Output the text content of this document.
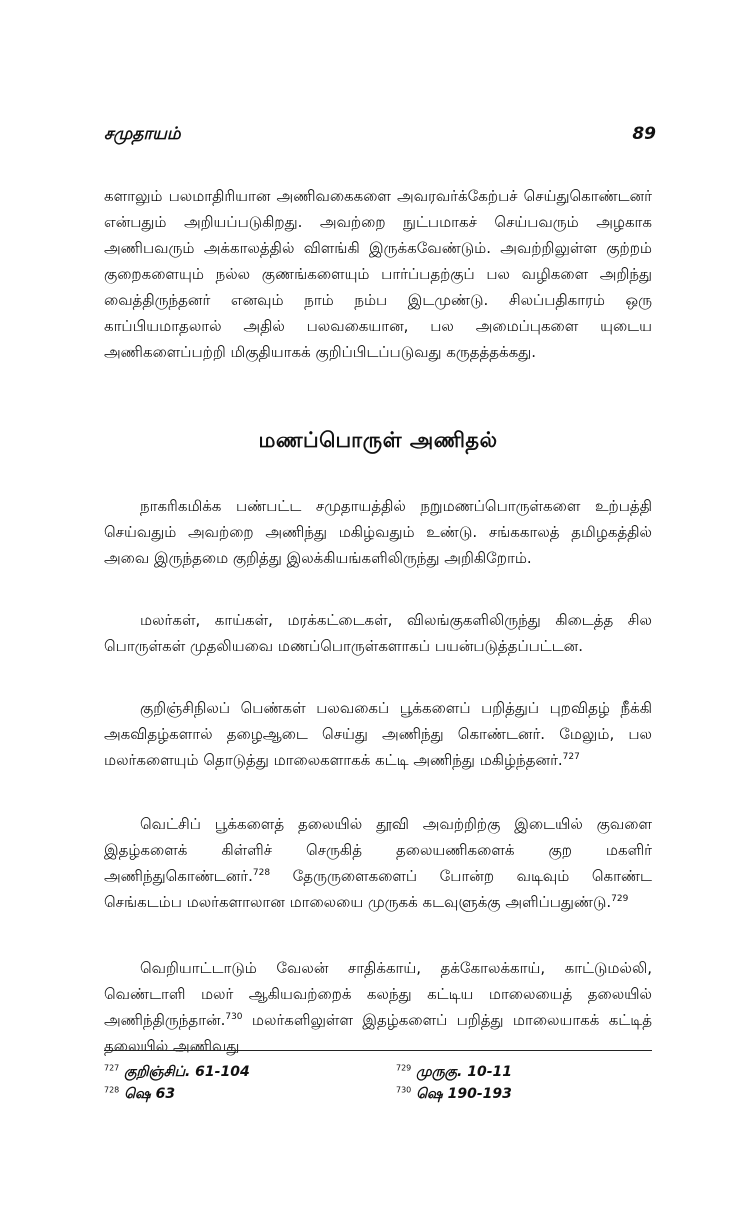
சமுதாயம்	89

களாலும் பலமாதிரியான அணிவகைகளை அவரவர்க்கேற்பச் செய்துகொண்டனர் என்பதும் அறியப்படுகிறது. அவற்றை நுட்பமாகச் செய்பவரும் அழகாக அணிபவரும் அக்காலத்தில் விளங்கி இருக்கவேண்டும். அவற்றிலுள்ள குற்றம் குறைகளையும் நல்ல குணங்களையும் பார்ப்பதற்குப் பல வழிகளை அறிந்து வைத்திருந்தனர் எனவும் நாம் நம்ப இடமுண்டு. சிலப்பதிகாரம் ஒரு காப்பியமாதலால் அதில் பலவகையான, பல அமைப்புகளை யுடைய அணிகளைப்பற்றி மிகுதியாகக் குறிப்பிடப்படுவது கருதத்தக்கது.

மணப்பொருள் அணிதல்

நாகரிகமிக்க பண்பட்ட சமுதாயத்தில் நறுமணப்பொருள்களை உற்பத்தி செய்வதும் அவற்றை அணிந்து மகிழ்வதும் உண்டு. சங்ககாலத் தமிழகத்தில் அவை இருந்தமை குறித்து இலக்கியங்களிலிருந்து அறிகிறோம்.

மலர்கள், காய்கள், மரக்கட்டைகள், விலங்குகளிலிருந்து கிடைத்த சில பொருள்கள் முதலியவை மணப்பொருள்களாகப் பயன்படுத்தப்பட்டன.

குறிஞ்சிநிலப் பெண்கள் பலவகைப் பூக்களைப் பறித்துப் புறவிதழ் நீக்கி அகவிதழ்களால் தழைஆடை செய்து அணிந்து கொண்டனர். மேலும், பல மலர்களையும் தொடுத்து மாலைகளாகக் கட்டி அணிந்து மகிழ்ந்தனர்.$^{727}$

வெட்சிப் பூக்களைத் தலையில் தூவி அவற்றிற்கு இடையில் குவளை இதழ்களைக் கிள்ளிச் செருகித் தலையணிகளைக் குற மகளிர் அணிந்துகொண்டனர்.$^{728}$ தேருருளைகளைப் போன்ற வடிவும் கொண்ட செங்கடம்ப மலர்களாலான மாலையை முருகக் கடவுளுக்கு அளிப்பதுண்டு.$^{729}$

வெறியாட்டாடும் வேலன் சாதிக்காய், தக்கோலக்காய், காட்டுமல்லி, வெண்டாளி மலர் ஆகியவற்றைக் கலந்து கட்டிய மாலையைத் தலையில் அணிந்திருந்தான்.$^{730}$ மலர்களிலுள்ள இதழ்களைப் பறித்து மாலையாகக் கட்டித் தலையில் அணிவது

$^{727}$ குறிஞ்சிப். 61-104
$^{728}$ ஷெ 63
$^{729}$ முருகு. 10-11
$^{730}$ ஷெ 190-193
